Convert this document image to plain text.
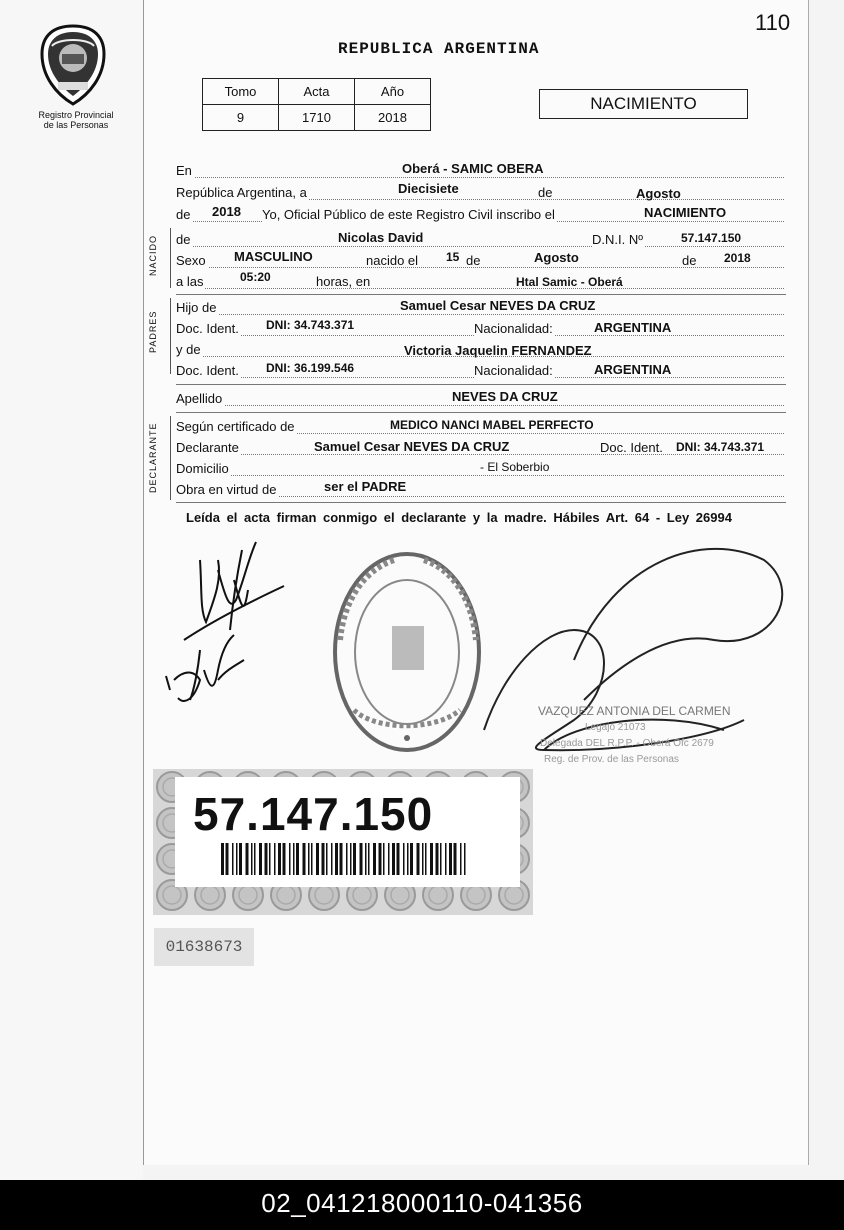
110
Registro Provincial
de las Personas
REPUBLICA ARGENTINA
Tomo	Acta	Año
9	1710	2018
NACIMIENTO
NACIDO
PADRES
DECLARANTE
En	Oberá - SAMIC OBERA
República Argentina, a	Diecisiete	de	Agosto
de 2018 Yo, Oficial Público de este Registro Civil inscribo el	NACIMIENTO
de	Nicolas David	D.N.I. Nº	57.147.150
Sexo MASCULINO	nacido el 15 de	Agosto	de 2018
a las	05:20	horas, en	Htal Samic - Oberá
Hijo de	Samuel Cesar NEVES DA CRUZ
Doc. Ident. DNI: 34.743.371	Nacionalidad:	ARGENTINA
y de	Victoria Jaquelin FERNANDEZ
Doc. Ident. DNI: 36.199.546	Nacionalidad:	ARGENTINA
Apellido	NEVES DA CRUZ
Según certificado de	MEDICO NANCI MABEL PERFECTO
Declarante	Samuel Cesar NEVES DA CRUZ	Doc. Ident. DNI: 34.743.371
Domicilio	- El Soberbio
Obra en virtud de	ser el PADRE
Leída el acta firman conmigo el declarante y la madre. Hábiles Art. 64 - Ley 26994
VAZQUEZ ANTONIA DEL CARMEN
Legajo 21073
Delegada DEL R.P.P. - Oberá Ofc 2679
Reg. de Prov. de las Personas
57.147.150
01638673
02_041218000110-041356
